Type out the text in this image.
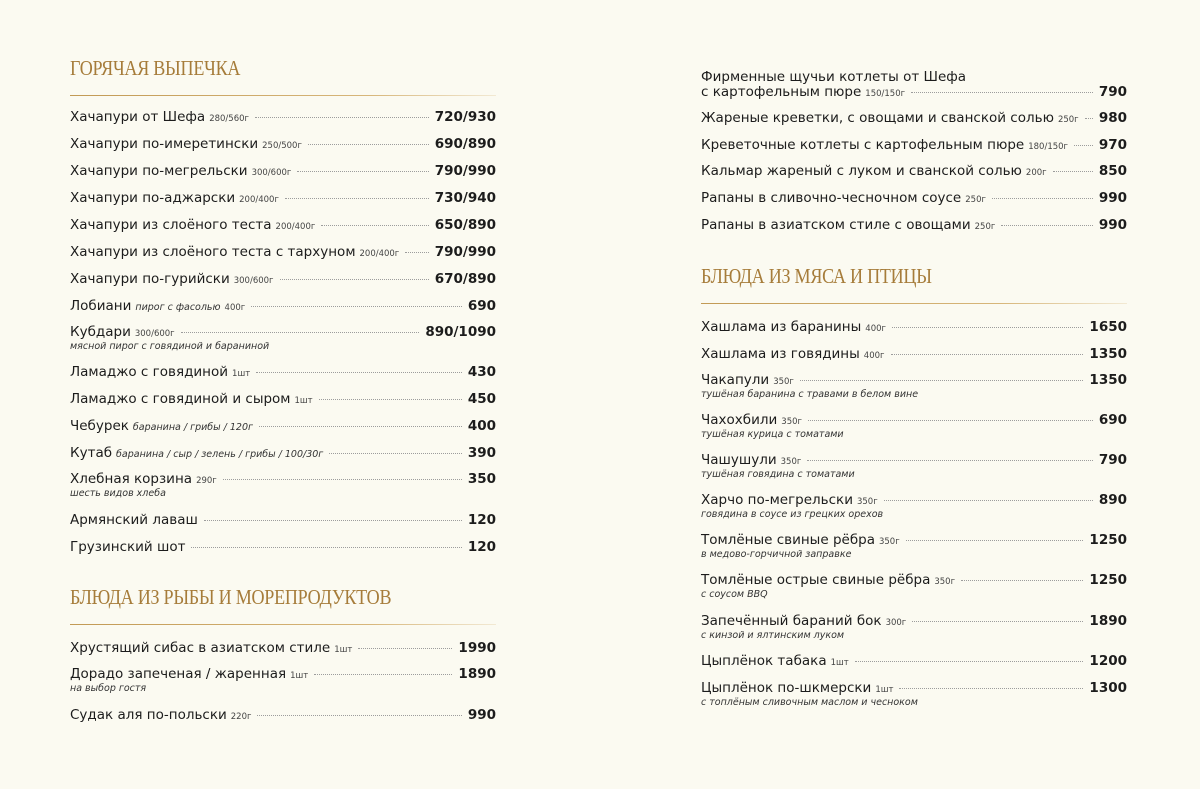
ГОРЯЧАЯ ВЫПЕЧКА
Хачапури от Шефа 280/560г	720/930
Хачапури по-имеретински 250/500г	690/890
Хачапури по-мегрельски 300/600г	790/990
Хачапури по-аджарски 200/400г	730/940
Хачапури из слоёного теста 200/400г	650/890
Хачапури из слоёного теста с тархуном 200/400г	790/990
Хачапури по-гурийски 300/600г	670/890
Лобиани пирог с фасолью 400г	690
Кубдари 300/600г	890/1090
мясной пирог с говядиной и бараниной
Ламаджо с говядиной 1шт	430
Ламаджо с говядиной и сыром 1шт	450
Чебурек баранина / грибы / 120г	400
Кутаб баранина / сыр / зелень / грибы / 100/30г	390
Хлебная корзина 290г	350
шесть видов хлеба
Армянский лаваш	120
Грузинский шот	120
БЛЮДА ИЗ РЫБЫ И МОРЕПРОДУКТОВ
Хрустящий сибас в азиатском стиле 1шт	1990
Дорадо запеченая / жаренная 1шт	1890
на выбор гостя
Судак аля по-польски 220г	990
Фирменные щучьи котлеты от Шефа
с картофельным пюре 150/150г	790
Жареные креветки, с овощами и сванской солью 250г 980
Креветочные котлеты с картофельным пюре 180/150г 970
Кальмар жареный с луком и сванской солью 200г	850
Рапаны в сливочно-чесночном соусе 250г	990
Рапаны в азиатском стиле с овощами 250г	990
БЛЮДА ИЗ МЯСА И ПТИЦЫ
Хашлама из баранины 400г	1650
Хашлама из говядины 400г	1350
Чакапули 350г	1350
тушёная баранина с травами в белом вине
Чахохбили 350г	690
тушёная курица с томатами
Чашушули 350г	790
тушёная говядина с томатами
Харчо по-мегрельски 350г	890
говядина в соусе из грецких орехов
Томлёные свиные рёбра 350г	1250
в медово-горчичной заправке
Томлёные острые свиные рёбра 350г	1250
с соусом BBQ
Запечённый бараний бок 300г	1890
с кинзой и ялтинским луком
Цыплёнок табака 1шт	1200
Цыплёнок по-шкмерски 1шт	1300
с топлёным сливочным маслом и чесноком
